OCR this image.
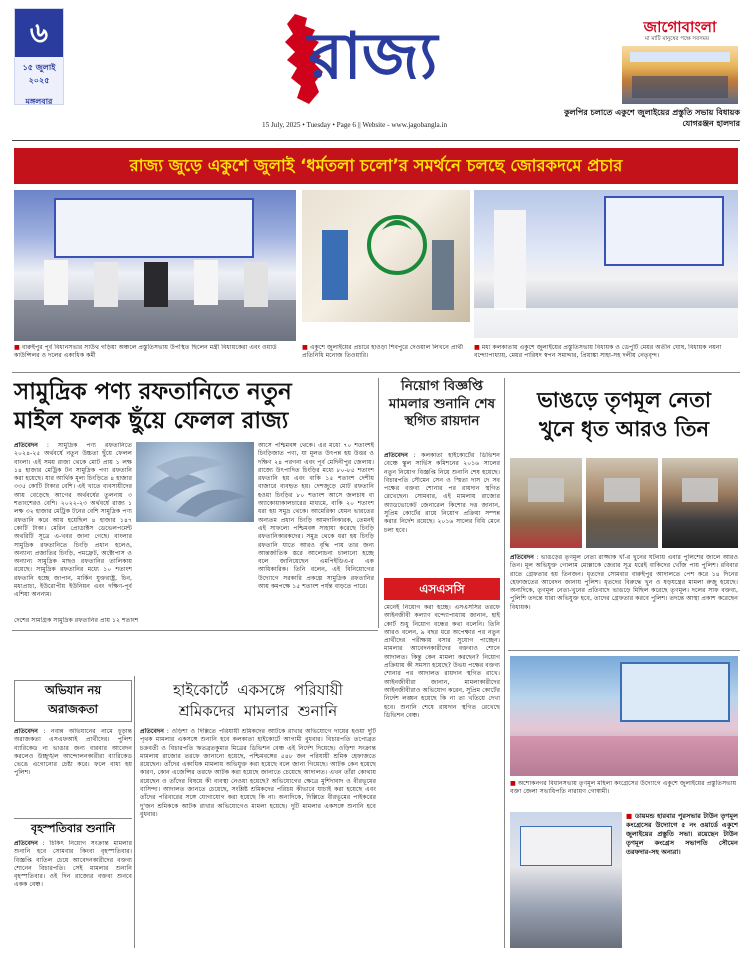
৬
১৫ জুলাই
২০২৫
মঙ্গলবার
রাজ্য
15 July, 2025 • Tuesday • Page 6 || Website - www.jagobangla.in
জাগোবাংলা
মা মাটি মানুষের পক্ষে সবসময়
কুলপির চলাতে একুশে জুলাইয়ের প্রস্তুতি সভায় বিধায়ক যোগরঞ্জন হালদার
রাজ্য জুড়ে একুশে জুলাই ‘ধর্মতলা চলো’র সমর্থনে চলছে জোরকদমে প্রচার
■ বারুইপুর পূর্ব বিধানসভার সাউথ গড়িয়া অঞ্চলে প্রস্তুতিসভায় উপস্থিত ছিলেন মন্ত্রী বিধায়কেরা এবং ওয়ার্ড কাউন্সিলর ও দলের একাধিক কর্মী
■ একুশে জুলাইয়ের প্রচারে হাওড়া শিবপুরে দেওয়াল লিখনে প্রার্থী প্রতিনিধি মনোজ তিওয়ারি।
■ মধ্য কলকাতায় একুশে জুলাইয়ের প্রস্তুতিসভায় বিধায়ক ও ডেপুটি মেয়র অতীন ঘোষ, বিধায়ক নয়না বন্দ্যোপাধ্যায়, মেয়র পারিষদ স্বপন সমাদ্দার, প্রিয়াঙ্কা সাহা-সহ দলীয় নেতৃবৃন্দ।
সামুদ্রিক পণ্য রফতানিতে নতুন
মাইল ফলক ছুঁয়ে ফেলল রাজ্য
প্রতিবেদন : সামুদ্রিক পণ্য রফতানিতে ২০২৪-২৫ অর্থবর্ষে নতুন উচ্চতা ছুঁয়ে ফেলল বাংলা। এই সময় রাজ্য থেকে মোট প্রায় ১ লক্ষ ১৪ হাজার মেট্রিক টন সামুদ্রিক পণ্য রফতানি করা হয়েছে। যার আর্থিক মূল্য চিংড়িতে ৪ হাজার ৩৩৫ কোটি টাকার বেশি। এই খাতে ব্যবসায়ীদের আয় বেড়েছে আগের অর্থবর্ষের তুলনায় ৩ শতাংশেরও বেশি। ২০২২-২৩ অর্থবর্ষে রাজ্য ১ লক্ষ ৩২ হাজার মেট্রিক টনের বেশি সামুদ্রিক পণ্য রফতানি করে আয় হয়েছিল ৪ হাজার ১৪৭ কোটি টাকা। মেরিন প্রোডাক্টস ডেভেলপমেন্ট অথরিটি সূত্রে এ-খবর জানা গেছে। বাংলার সামুদ্রিক রফতানিতে চিংড়ি প্রধান হলেও, অন্যান্য প্রজাতির চিংড়ি, পমফ্রেট, অক্টোপাস ও অন্যান্য সামুদ্রিক মাছও রফতানির তালিকায় রয়েছে। সামুদ্রিক রফতানির মধ্যে ১০ শতাংশ রফতানি হচ্ছে জাপান, মার্কিন যুক্তরাষ্ট্র, চিন, মধ্যপ্রাচ্য, ইউরোপীয় ইউনিয়ন এবং দক্ষিণ-পূর্ব এশিয়া অনন্যম।
আসে পশ্চিমবঙ্গ থেকে। এর মধ্যে ৭০ শতাংশই চিংড়িজাত পণ্য, যা মূলত উৎপন্ন হয় উত্তর ও দক্ষিণ ২৪ পরগনা এবং পূর্ব মেদিনীপুর জেলায়। রাজ্যে উৎপাদিত চিংড়ির মধ্যে ৮০-৮৫ শতাংশ রফতানি হয় এবং বাকি ১৫ শতাংশ দেশীয় বাজারে ব্যবহৃত হয়। দেশজুড়ে মোট রফতানি হওয়া চিংড়ির ৮০ শতাংশ আসে জলচাষ বা অ্যাকোয়াকালচারের মাধ্যমে, বাকি ২০ শতাংশ ধরা হয় সমুদ্র থেকে। আমেরিকা যেমন ভারতের অন্যতম প্রধান চিংড়ি আমদানিকারক, তেমনই এই সাফল্যে পশ্চিমবঙ্গ সাহায্য করেছে চিংড়ি রফতানিকারকদের। সমুদ্র থেকে ধরা হয় চিংড়ি রফতানি যাতে আরও বৃদ্ধি পায় তার জন্য আন্তর্জাতিক স্তরে আলোচনা চালানো হচ্ছে বলে জানিয়েছেন এমপিইডিএ-র এক আধিকারিক। তিনি বলেন, এই বিনিয়োগের উদ্যোগে সরকারি প্রকল্পে সামুদ্রিক রফতানির আয় কমপক্ষে ১৫ শতাংশ পর্যন্ত বাড়তে পারে।
দেশের সামগ্রিক সামুদ্রিক রফতানির প্রায় ১২ শতাংশ
নিয়োগ বিজ্ঞপ্তি মামলার শুনানি শেষ স্থগিত রায়দান
প্রতিবেদন : কলকাতা হাইকোর্টের ডিভিশন বেঞ্চে স্কুল সার্ভিস কমিশনের ২০১৬ সালের নতুন নিয়োগ বিজ্ঞপ্তি নিয়ে শুনানি শেষ হয়েছে। বিচারপতি সৌমেন সেন ও স্মিতা দাস দে সব পক্ষের বক্তব্য শোনার পর রায়দান স্থগিত রেখেছেন। সোমবার, এই মামলায় রাজ্যের অ্যাডভোকেট জেনারেল কিশোর দত্ত জানান, সুপ্রিম কোর্টের রায়ে নিয়োগ প্রক্রিয়া সম্পন্ন করার নির্দেশ রয়েছে। ২০১৬ সালের বিধি মেনে চলা হবে।
এসএসসি
মেনেই নিয়োগ করা হচ্ছে। এসএসসির তরফে আইনজীবী কল্যাণ বন্দ্যোপাধ্যায় জানান, হাই কোর্ট শুধু নিয়োগ বন্ধের কথা বলেনি। তিনি আরও বলেন, ৯ বছর ধরে অপেক্ষার পর নতুন প্রার্থীদের পরীক্ষায় বসার সুযোগ পাচ্ছেন। মামলার আবেদনকারীদের বক্তব্যও শোনে আদালত। কিন্তু কেন মামলা করছেন? নিয়োগ প্রক্রিয়ায় কী সমস্যা হয়েছে? উভয় পক্ষের বক্তব্য শোনার পর আদালত রায়দান স্থগিত রাখে। আইনজীবীরা জানান, মামলাকারীদের আইনজীবীরাও অভিযোগ করেন, সুপ্রিম কোর্টের নির্দেশ লঙ্ঘন হয়েছে কি না তা খতিয়ে দেখা হবে। শুনানি শেষে রায়দান স্থগিত রেখেছে ডিভিশন বেঞ্চ।
ভাঙড়ে তৃণমূল নেতা
খুনে ধৃত আরও তিন
প্রতিবেদন : ভাঙড়ের তৃণমূল নেতা রাজ্জাক খাঁ-র খুনের ঘটনায় এবার পুলিশের জালে আরও তিন। মূল অভিযুক্ত গোলাম মোল্লাকে জেরার সূত্র ধরেই বাকিদের খোঁজ পায় পুলিশ। রবিবার রাতে গ্রেফতার হয় তিনজন। ধৃতদের সোমবার বারুইপুর আদালতে পেশ করে ১৪ দিনের হেফাজতের আবেদন জানায় পুলিশ। ধৃতদের বিরুদ্ধে খুন ও ষড়যন্ত্রের মামলা রুজু হয়েছে। অন্যদিকে, তৃণমূল নেতা-খুনের প্রতিবাদে ভাঙড়ে মিছিল করেছে তৃণমূল। দলের সাফ বক্তব্য, পুলিশি তদন্তে যারা অভিযুক্ত হবে, তাদের গ্রেফতার করবে পুলিশ। তদন্তে আস্থা প্রকাশ করেছেন বিধায়ক।
■ অশোকনগর বিধানসভায় তৃণমূল মহিলা কংগ্রেসের উদ্যোগে একুশে জুলাইয়ের প্রস্তুতিসভায় বক্তা জেলা সভাধিপতি নারায়ণ গোস্বামী।
■ ডায়মন্ড হারবার পুরসভার টাউন তৃণমূল কংগ্রেসের উদ্যোগে ৫ নং ওয়ার্ডে একুশে জুলাইয়ের প্রস্তুতি সভা। রয়েছেন টাউন তৃণমূল কংগ্রেস সভাপতি সৌমেন তরফদার-সহ অন্যরা।
অভিযান নয়
অরাজকতা
প্রতিবেদন : নবান্ন অভিযানের নামে চূড়ান্ত অরাজকতা এসএফআই প্রার্থীদের। পুলিশ ব্যারিকেড না ভাঙার জন্য বারবার আবেদন করলেও উচ্ছৃঙ্খল আন্দোলনকারীরা ব্যারিকেড ভেঙে এগোনোর চেষ্টা করে। ফলে বাধ্য হয় পুলিশ।
বৃহস্পতিবার শুনানি
প্রতিবেদন : চিকিৎ নিয়োগ সংক্রান্ত মামলার শুনানি হবে সোমবার কিংবা বৃহস্পতিবার। বিজ্ঞপ্তি বাতিল চেয়ে আবেদনকারীদের বক্তব্য শোনেন বিচারপতি। সেই মামলার শুনানি বৃহস্পতিবার। ওই দিন রাজ্যের বক্তব্য শুনবে একক বেঞ্চ।
হাইকোর্টে একসঙ্গে পরিযায়ী
শ্রমিকদের মামলার শুনানি
প্রতিবেদন : ওড়িশা ও দিল্লিতে পরিযায়ী শ্রমিকদের আটকে রাখার অভিযোগে দায়ের হওয়া দুটি পৃথক মামলার একসঙ্গে শুনানি হবে কলকাতা হাইকোর্টে আগামী বুধবার। বিচারপতি তপোব্রত চক্রবর্তী ও বিচারপতি ঋতব্রতকুমার মিত্রের ডিভিশন বেঞ্চ এই নির্দেশ দিয়েছে। ওড়িশা সংক্রান্ত মামলায় রাজ্যের তরফে জানানো হয়েছে, পশ্চিমবঙ্গের ৫৪৮ জন পরিযায়ী শ্রমিক হেফাজতে রয়েছেন। তাঁদের একাধিক মামলায় অভিযুক্ত করা হয়েছে বলে জানা গিয়েছে। আটক কেন হয়েছে কারণ, কোন এজেন্সির তরফে আটক করা হয়েছে জানাতে চেয়েছে আদালত। এখন তাঁরা কোথায় রয়েছেন ও তাঁদের বিষয়ে কী ব্যবস্থা নেওয়া হয়েছে? অভিযোগের ক্ষেত্রে মুর্শিদাবাদ ও বীরভূমের বাসিন্দা। আদালত জানতে চেয়েছে, সংশ্লিষ্ট শ্রমিকদের পরিচয় কীভাবে যাচাই করা হয়েছে এবং তাঁদের পরিবারের সঙ্গে যোগাযোগ করা হয়েছে কি না। অন্যদিকে, দিল্লিতে বীরভূমের পাইকরের দু'জন শ্রমিককে আটক রাখার অভিযোগেও মামলা হয়েছে। দুটি মামলার একসঙ্গে শুনানি হবে বুধবার।
